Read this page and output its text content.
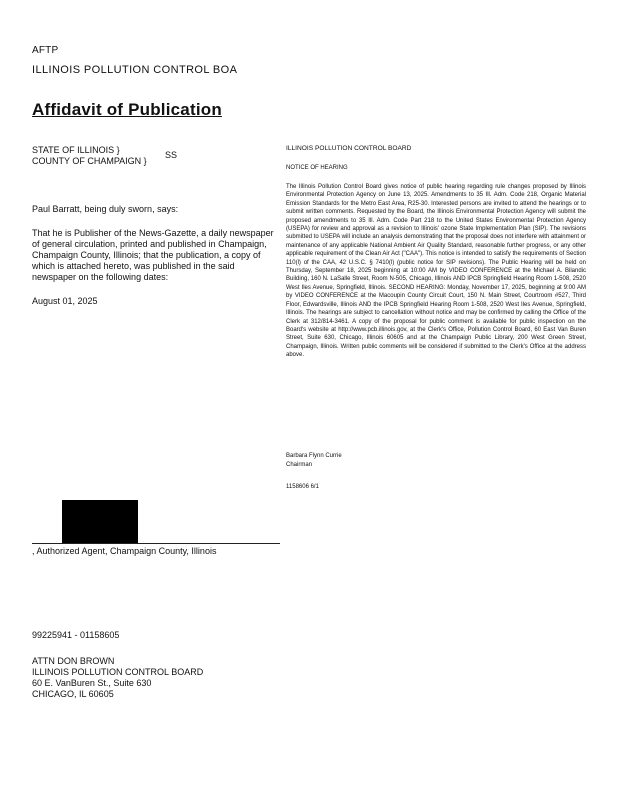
AFTP
ILLINOIS POLLUTION CONTROL BOA
Affidavit of Publication
STATE OF ILLINOIS }
COUNTY OF CHAMPAIGN }
SS
Paul Barratt, being duly sworn, says:

That he is Publisher of the News-Gazette, a daily newspaper of general circulation, printed and published in Champaign, Champaign County, Illinois; that the publication, a copy of which is attached hereto, was published in the said newspaper on the following dates:

August 01, 2025
, Authorized Agent, Champaign County, Illinois
99225941 - 01158605
ATTN DON BROWN
ILLINOIS POLLUTION CONTROL BOARD
60 E. VanBuren St., Suite 630
CHICAGO, IL 60605
ILLINOIS POLLUTION CONTROL BOARD
NOTICE OF HEARING

The Illinois Pollution Control Board gives notice of public hearing regarding rule changes proposed by Illinois Environmental Protection Agency on June 13, 2025. Amendments to 35 Ill. Adm. Code 218, Organic Material Emission Standards for the Metro East Area, R25-30. Interested persons are invited to attend the hearings or to submit written comments. Requested by the Board, the Illinois Environmental Protection Agency will submit the proposed amendments to 35 Ill. Adm. Code Part 218 to the United States Environmental Protection Agency (USEPA) for review and approval as a revision to Illinois' ozone State Implementation Plan (SIP). The revisions submitted to USEPA will include an analysis demonstrating that the proposal does not interfere with attainment or maintenance of any applicable National Ambient Air Quality Standard, reasonable further progress, or any other applicable requirement of the Clean Air Act ("CAA"). This notice is intended to satisfy the requirements of Section 110(l) of the CAA, 42 U.S.C. § 7410(l) (public notice for SIP revisions). The Public Hearing will be held on Thursday, September 18, 2025 beginning at 10:00 AM by VIDEO CONFERENCE at the Michael A. Bilandic Building, 160 N. LaSalle Street, Room N-505, Chicago, Illinois AND IPCB Springfield Hearing Room 1-508, 2520 West Iles Avenue, Springfield, Illinois. SECOND HEARING: Monday, November 17, 2025, beginning at 9:00 AM by VIDEO CONFERENCE at the Macoupin County Circuit Court, 150 N. Main Street, Courtroom #527, Third Floor, Edwardsville, Illinois AND the IPCB Springfield Hearing Room 1-508, 2520 West Iles Avenue, Springfield, Illinois. The hearings are subject to cancellation without notice and may be confirmed by calling the Office of the Clerk at 312/814-3461. A copy of the proposal for public comment is available for public inspection on the Board's website at http://www.pcb.illinois.gov, at the Clerk's Office, Pollution Control Board, 60 East Van Buren Street, Suite 630, Chicago, Illinois 60605 and at the Champaign Public Library, 200 West Green Street, Champaign, Illinois. Written public comments will be considered if submitted to the Clerk's Office at the address above.

Barbara Flynn Currie
Chairman
1158606 6/1
